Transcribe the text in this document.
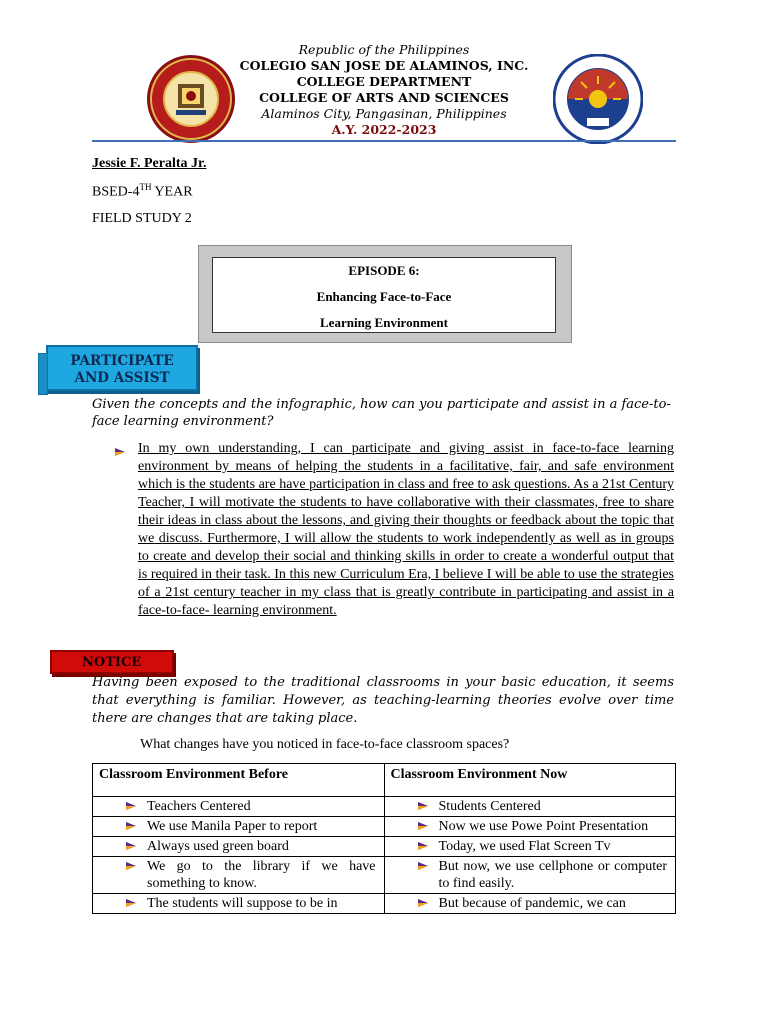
Republic of the Philippines
COLEGIO SAN JOSE DE ALAMINOS, INC.
COLLEGE DEPARTMENT
COLLEGE OF ARTS AND SCIENCES
Alaminos City, Pangasinan, Philippines
A.Y. 2022-2023
Jessie F. Peralta Jr.
BSED-4TH YEAR
FIELD STUDY 2
EPISODE 6:
Enhancing Face-to-Face
Learning Environment
PARTICIPATE
AND ASSIST
Given the concepts and the infographic, how can you participate and assist in a face-to-face learning environment?
In my own understanding, I can participate and giving assist in face-to-face learning environment by means of helping the students in a facilitative, fair, and safe environment which is the students are have participation in class and free to ask questions. As a 21st Century Teacher, I will motivate the students to have collaborative with their classmates, free to share their ideas in class about the lessons, and giving their thoughts or feedback about the topic that we discuss. Furthermore, I will allow the students to work independently as well as in groups to create and develop their social and thinking skills in order to create a wonderful output that is required in their task. In this new Curriculum Era, I believe I will be able to use the strategies of a 21st century teacher in my class that is greatly contribute in participating and assist in a face-to-face- learning environment.
NOTICE
Having been exposed to the traditional classrooms in your basic education, it seems that everything is familiar. However, as teaching-learning theories evolve over time there are changes that are taking place.
What changes have you noticed in face-to-face classroom spaces?
Classroom Environment Before	Classroom Environment Now

Teachers Centered	Students Centered

We use Manila Paper to report	Now we use Powe Point Presentation

Always used green board	Today, we used Flat Screen Tv

We go to the library if we have something to know.	But now, we use cellphone or computer to find easily.

The students will suppose to be in	But because of pandemic, we can
